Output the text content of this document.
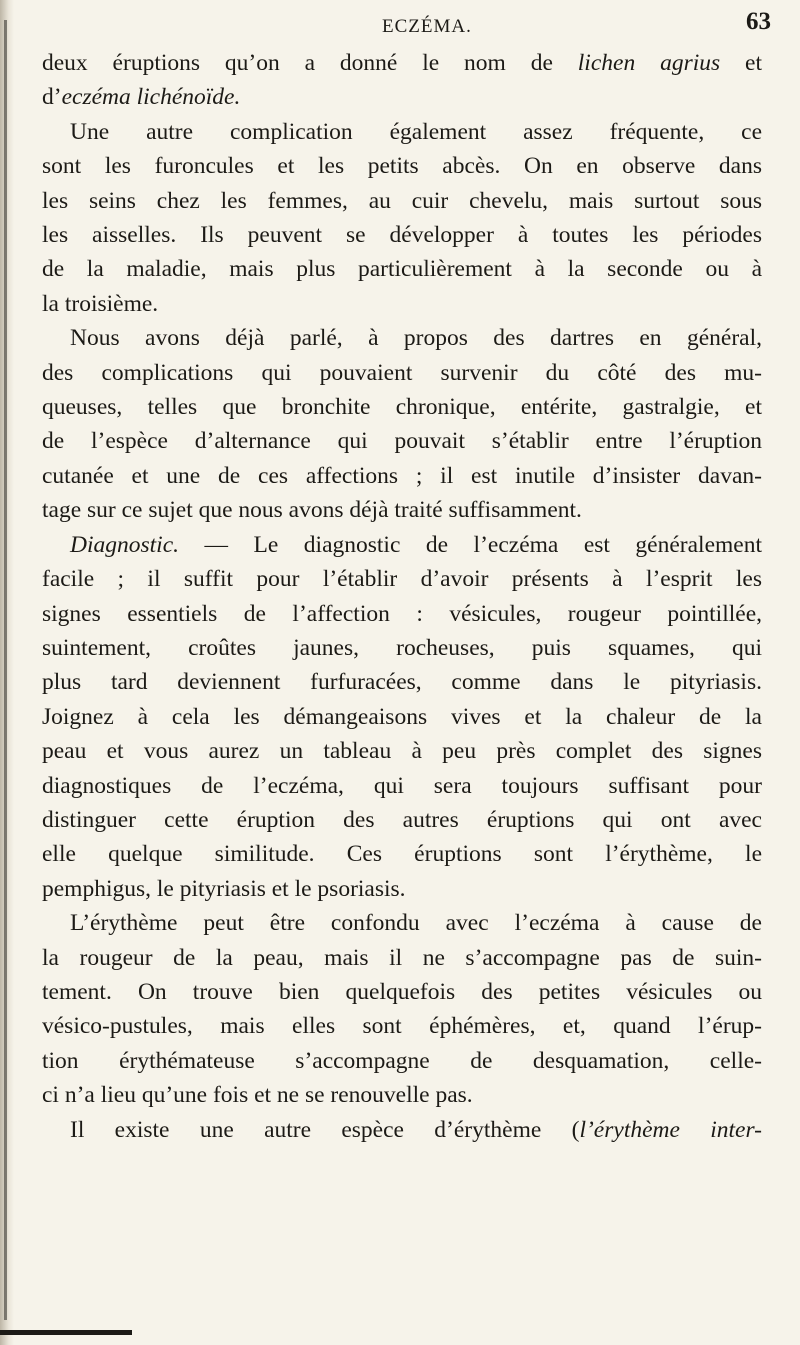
ECZÉMA.	63
deux éruptions qu’on a donné le nom de lichen agrius et
d’eczéma lichénoïde.
Une autre complication également assez fréquente, ce
sont les furoncules et les petits abcès. On en observe dans
les seins chez les femmes, au cuir chevelu, mais surtout sous
les aisselles. Ils peuvent se développer à toutes les périodes
de la maladie, mais plus particulièrement à la seconde ou à
la troisième.
Nous avons déjà parlé, à propos des dartres en général,
des complications qui pouvaient survenir du côté des mu-
queuses, telles que bronchite chronique, entérite, gastralgie, et
de l’espèce d’alternance qui pouvait s’établir entre l’éruption
cutanée et une de ces affections ; il est inutile d’insister davan-
tage sur ce sujet que nous avons déjà traité suffisamment.
Diagnostic. — Le diagnostic de l’eczéma est généralement
facile ; il suffit pour l’établir d’avoir présents à l’esprit les
signes essentiels de l’affection : vésicules, rougeur pointillée,
suintement, croûtes jaunes, rocheuses, puis squames, qui
plus tard deviennent furfuracées, comme dans le pityriasis.
Joignez à cela les démangeaisons vives et la chaleur de la
peau et vous aurez un tableau à peu près complet des signes
diagnostiques de l’eczéma, qui sera toujours suffisant pour
distinguer cette éruption des autres éruptions qui ont avec
elle quelque similitude. Ces éruptions sont l’érythème, le
pemphigus, le pityriasis et le psoriasis.
L’érythème peut être confondu avec l’eczéma à cause de
la rougeur de la peau, mais il ne s’accompagne pas de suin-
tement. On trouve bien quelquefois des petites vésicules ou
vésico-pustules, mais elles sont éphémères, et, quand l’érup-
tion érythémateuse s’accompagne de desquamation, celle-
ci n’a lieu qu’une fois et ne se renouvelle pas.
Il existe une autre espèce d’érythème (l’érythème inter-
